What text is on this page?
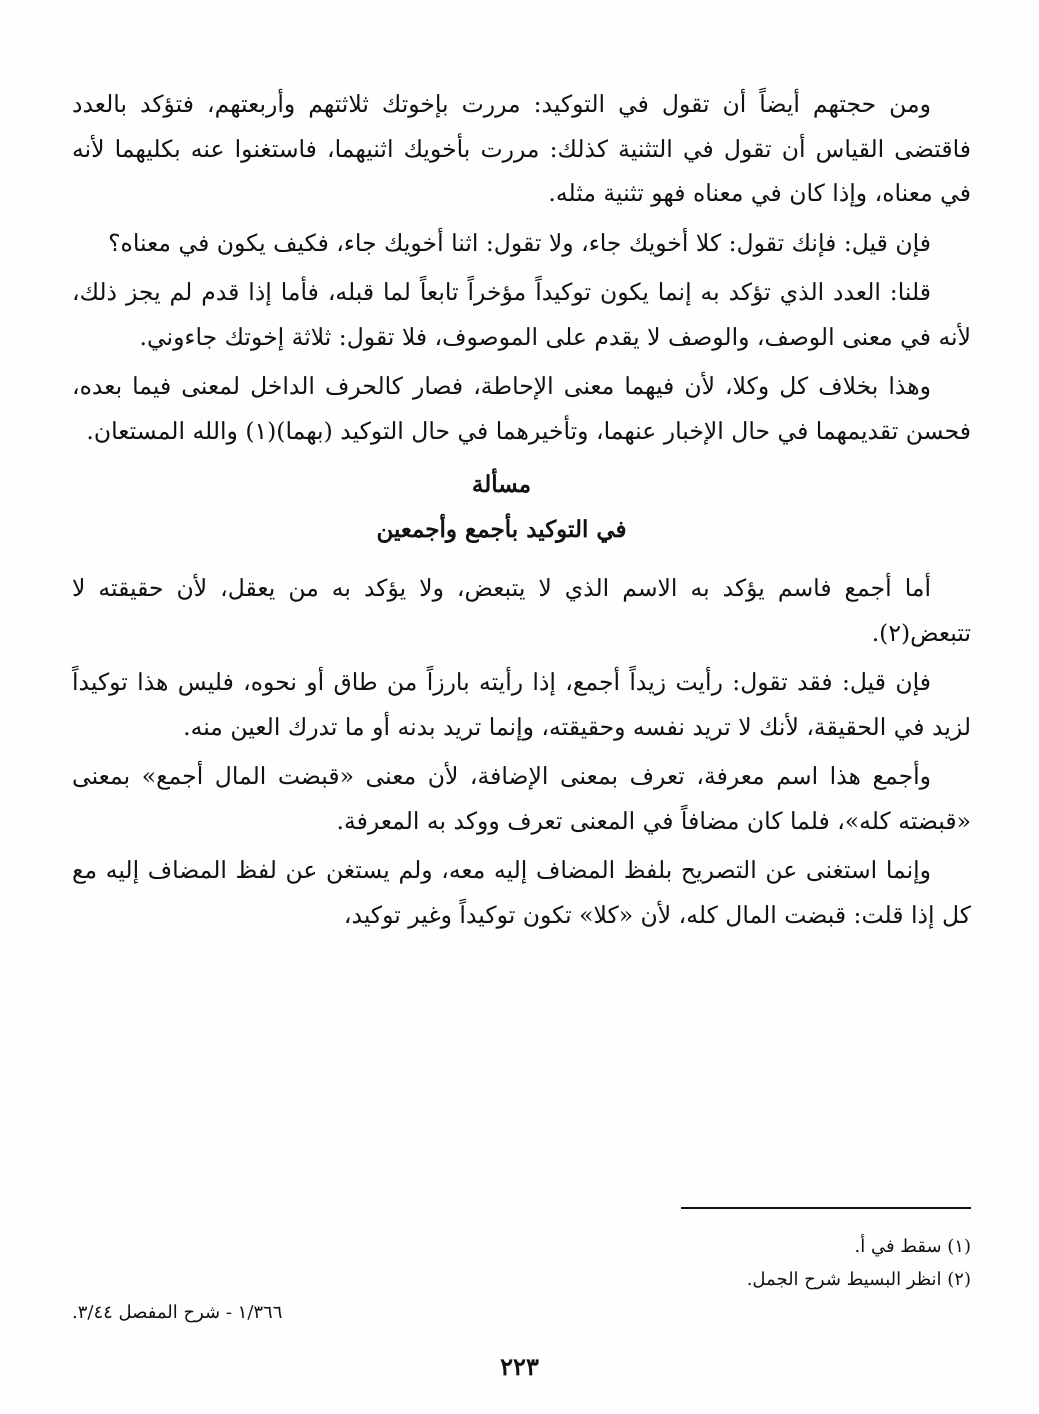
ومن حجتهم أيضاً أن تقول في التوكيد: مررت بإخوتك ثلاثتهم وأربعتهم، فتؤكد بالعدد فاقتضى القياس أن تقول في التثنية كذلك: مررت بأخويك اثنيهما، فاستغنوا عنه بكليهما لأنه في معناه، وإذا كان في معناه فهو تثنية مثله.

فإن قيل: فإنك تقول: كلا أخويك جاء، ولا تقول: اثنا أخويك جاء، فكيف يكون في معناه؟

قلنا: العدد الذي تؤكد به إنما يكون توكيداً مؤخراً تابعاً لما قبله، فأما إذا قدم لم يجز ذلك، لأنه في معنى الوصف، والوصف لا يقدم على الموصوف، فلا تقول: ثلاثة إخوتك جاءوني.

وهذا بخلاف كل وكلا، لأن فيهما معنى الإحاطة، فصار كالحرف الداخل لمعنى فيما بعده، فحسن تقديمهما في حال الإخبار عنهما، وتأخيرهما في حال التوكيد (بهما)(١) والله المستعان.

مسألة

في التوكيد بأجمع وأجمعين

أما أجمع فاسم يؤكد به الاسم الذي لا يتبعض، ولا يؤكد به من يعقل، لأن حقيقته لا تتبعض(٢).

فإن قيل: فقد تقول: رأيت زيداً أجمع، إذا رأيته بارزاً من طاق أو نحوه، فليس هذا توكيداً لزيد في الحقيقة، لأنك لا تريد نفسه وحقيقته، وإنما تريد بدنه أو ما تدرك العين منه.

وأجمع هذا اسم معرفة، تعرف بمعنى الإضافة، لأن معنى «قبضت المال أجمع» بمعنى «قبضته كله»، فلما كان مضافاً في المعنى تعرف ووكد به المعرفة.

وإنما استغنى عن التصريح بلفظ المضاف إليه معه، ولم يستغن عن لفظ المضاف إليه مع كل إذا قلت: قبضت المال كله، لأن «كلا» تكون توكيداً وغير توكيد،

(١) سقط في أ.

(٢) انظر البسيط شرح الجمل.

١/٣٦٦ - شرح المفصل ٣/٤٤.

٢٢٣
